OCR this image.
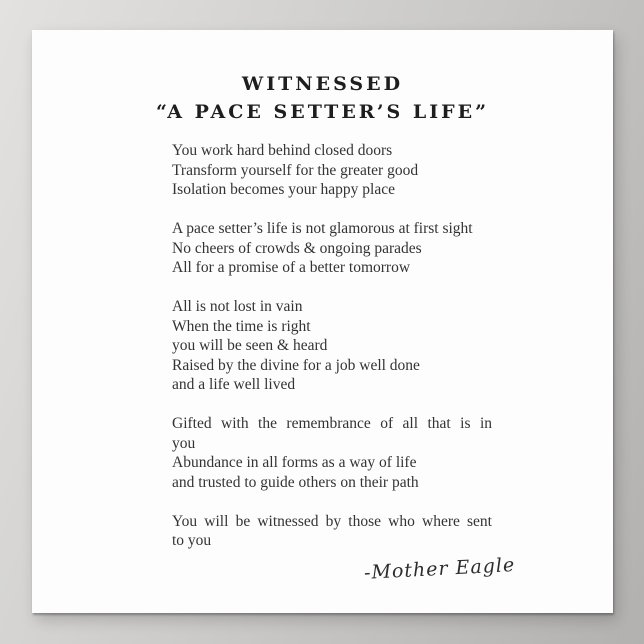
WITNESSED
“A PACE SETTER’S LIFE”
You work hard behind closed doors
Transform yourself for the greater good
Isolation becomes your happy place
A pace setter’s life is not glamorous at first sight
No cheers of crowds & ongoing parades
All for a promise of a better tomorrow
All is not lost in vain
When the time is right
you will be seen & heard
Raised by the divine for a job well done
and a life well lived
Gifted with the remembrance of all that is in
you
Abundance in all forms as a way of life
and trusted to guide others on their path
You will be witnessed by those who where sent
to you
-Mother Eagle
